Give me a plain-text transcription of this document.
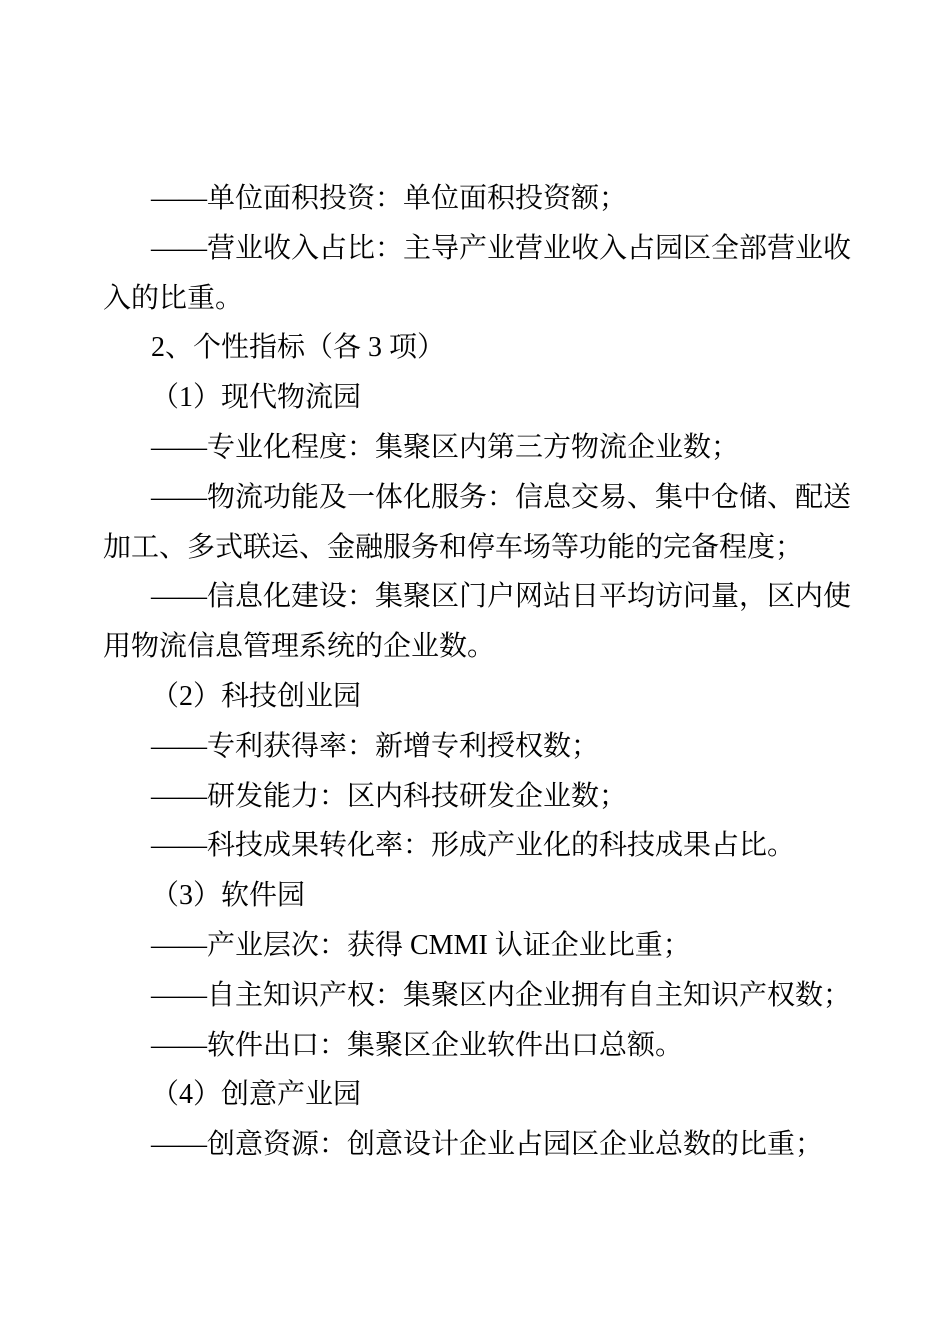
——单位面积投资：单位面积投资额；
——营业收入占比：主导产业营业收入占园区全部营业收
入的比重。
2、个性指标（各 3 项）
（1）现代物流园
——专业化程度：集聚区内第三方物流企业数；
——物流功能及一体化服务：信息交易、集中仓储、配送
加工、多式联运、金融服务和停车场等功能的完备程度；
——信息化建设：集聚区门户网站日平均访问量，区内使
用物流信息管理系统的企业数。
（2）科技创业园
——专利获得率：新增专利授权数；
——研发能力：区内科技研发企业数；
——科技成果转化率：形成产业化的科技成果占比。
（3）软件园
——产业层次：获得 CMMI 认证企业比重；
——自主知识产权：集聚区内企业拥有自主知识产权数；
——软件出口：集聚区企业软件出口总额。
（4）创意产业园
——创意资源：创意设计企业占园区企业总数的比重；
